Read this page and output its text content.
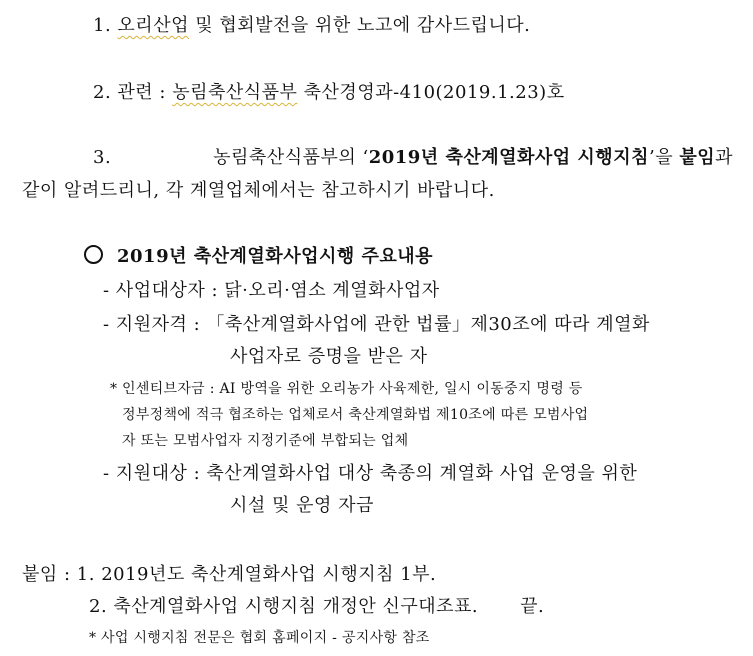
1. 오리산업 및 협회발전을 위한 노고에 감사드립니다.
2. 관련 : 농림축산식품부 축산경영과-410(2019.1.23)호
3.	농림축산식품부의 ‘2019년 축산계열화사업 시행지침’을 붙임과
같이 알려드리니, 각 계열업체에서는 참고하시기 바랍니다.
2019년 축산계열화사업시행 주요내용
- 사업대상자 : 닭·오리·염소 계열화사업자
- 지원자격 : 「축산계열화사업에 관한 법률」제30조에 따라 계열화
사업자로 증명을 받은 자
* 인센티브자금 : AI 방역을 위한 오리농가 사육제한, 일시 이동중지 명령 등
정부정책에 적극 협조하는 업체로서 축산계열화법 제10조에 따른 모범사업
자 또는 모범사업자 지정기준에 부합되는 업체
- 지원대상 : 축산계열화사업 대상 축종의 계열화 사업 운영을 위한
시설 및 운영 자금
붙임 : 1. 2019년도 축산계열화사업 시행지침 1부.
2. 축산계열화사업 시행지침 개정안 신구대조표. 끝.
* 사업 시행지침 전문은 협회 홈페이지 - 공지사항 참조
